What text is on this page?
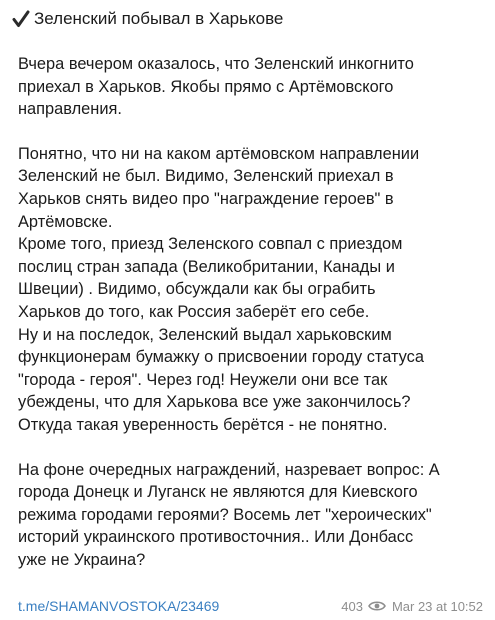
Зеленский побывал в Харькове

Вчера вечером оказалось, что Зеленский инкогнито
приехал в Харьков. Якобы прямо с Артёмовского
направления.

Понятно, что ни на каком артёмовском направлении
Зеленский не был. Видимо, Зеленский приехал в
Харьков снять видео про "награждение героев" в
Артёмовске.
Кроме того, приезд Зеленского совпал с приездом
послиц стран запада (Великобритании, Канады и
Швеции) . Видимо, обсуждали как бы ограбить
Харьков до того, как Россия заберёт его себе.
Ну и на последок, Зеленский выдал харьковским
функционерам бумажку о присвоении городу статуса
"города - героя". Через год! Неужели они все так
убеждены, что для Харькова все уже закончилось?
Откуда такая уверенность берётся - не понятно.

На фоне очередных награждений, назревает вопрос: А
города Донецк и Луганск не являются для Киевского
режима городами героями? Восемь лет "хероических"
историй украинского противосточния.. Или Донбасс
уже не Украина?

t.me/SHAMANVOSTOKA/23469	403 Mar 23 at 10:52
